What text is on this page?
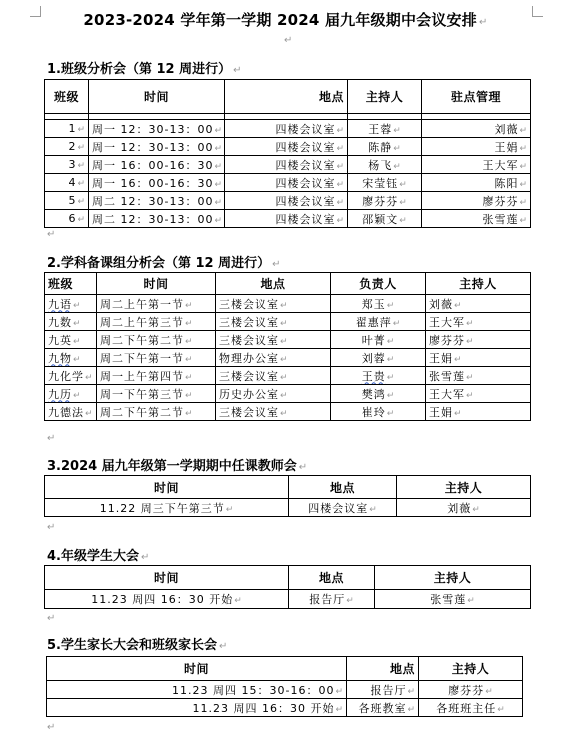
2023-2024 学年第一学期 2024 届九年级期中会议安排 ↵
↵
1.班级分析会（第 12 周进行） ↵
班级	时间	地点	主持人	驻点管理

1↵	周一 12：30-13：00↵	四楼会议室↵	王蓉↵	刘薇↵
2↵	周一 12：30-13：00↵	四楼会议室↵	陈静↵	王娟↵
3↵	周一 16：00-16：30↵	四楼会议室↵	杨飞↵	王大军↵
4↵	周一 16：00-16：30↵	四楼会议室↵	宋莹钰↵	陈阳↵
5↵	周二 12：30-13：00↵	四楼会议室↵	廖芬芬↵	廖芬芬↵
6↵	周二 12：30-13：00↵	四楼会议室↵	邵颖文↵	张雪莲↵
↵
2.学科备课组分析会（第 12 周进行） ↵
班级	时间	地点	负责人	主持人
九语↵	周二上午第一节↵	三楼会议室↵	郑玉↵	刘薇↵
九数↵	周二上午第三节↵	三楼会议室↵	翟惠萍↵	王大军↵
九英↵	周二下午第二节↵	三楼会议室↵	叶菁↵	廖芬芬↵
九物↵	周二下午第一节↵	物理办公室↵	刘蓉↵	王娟↵
九化学↵	周一上午第四节↵	三楼会议室↵	王贵↵	张雪莲↵
九历↵	周一下午第三节↵	历史办公室↵	樊鸿↵	王大军↵
九德法↵	周二下午第二节↵	三楼会议室↵	崔玲↵	王娟↵
↵
3.2024 届九年级第一学期期中任课教师会 ↵
时间	地点	主持人
11.22 周三下午第三节↵	四楼会议室↵	刘薇↵
↵
4.年级学生大会 ↵
时间	地点	主持人
11.23 周四 16：30 开始↵	报告厅↵	张雪莲↵
↵
5.学生家长大会和班级家长会 ↵
时间	地点	主持人
11.23 周四 15：30-16：00↵	报告厅↵	廖芬芬↵
11.23 周四 16：30 开始↵	各班教室↵	各班班主任↵
↵
